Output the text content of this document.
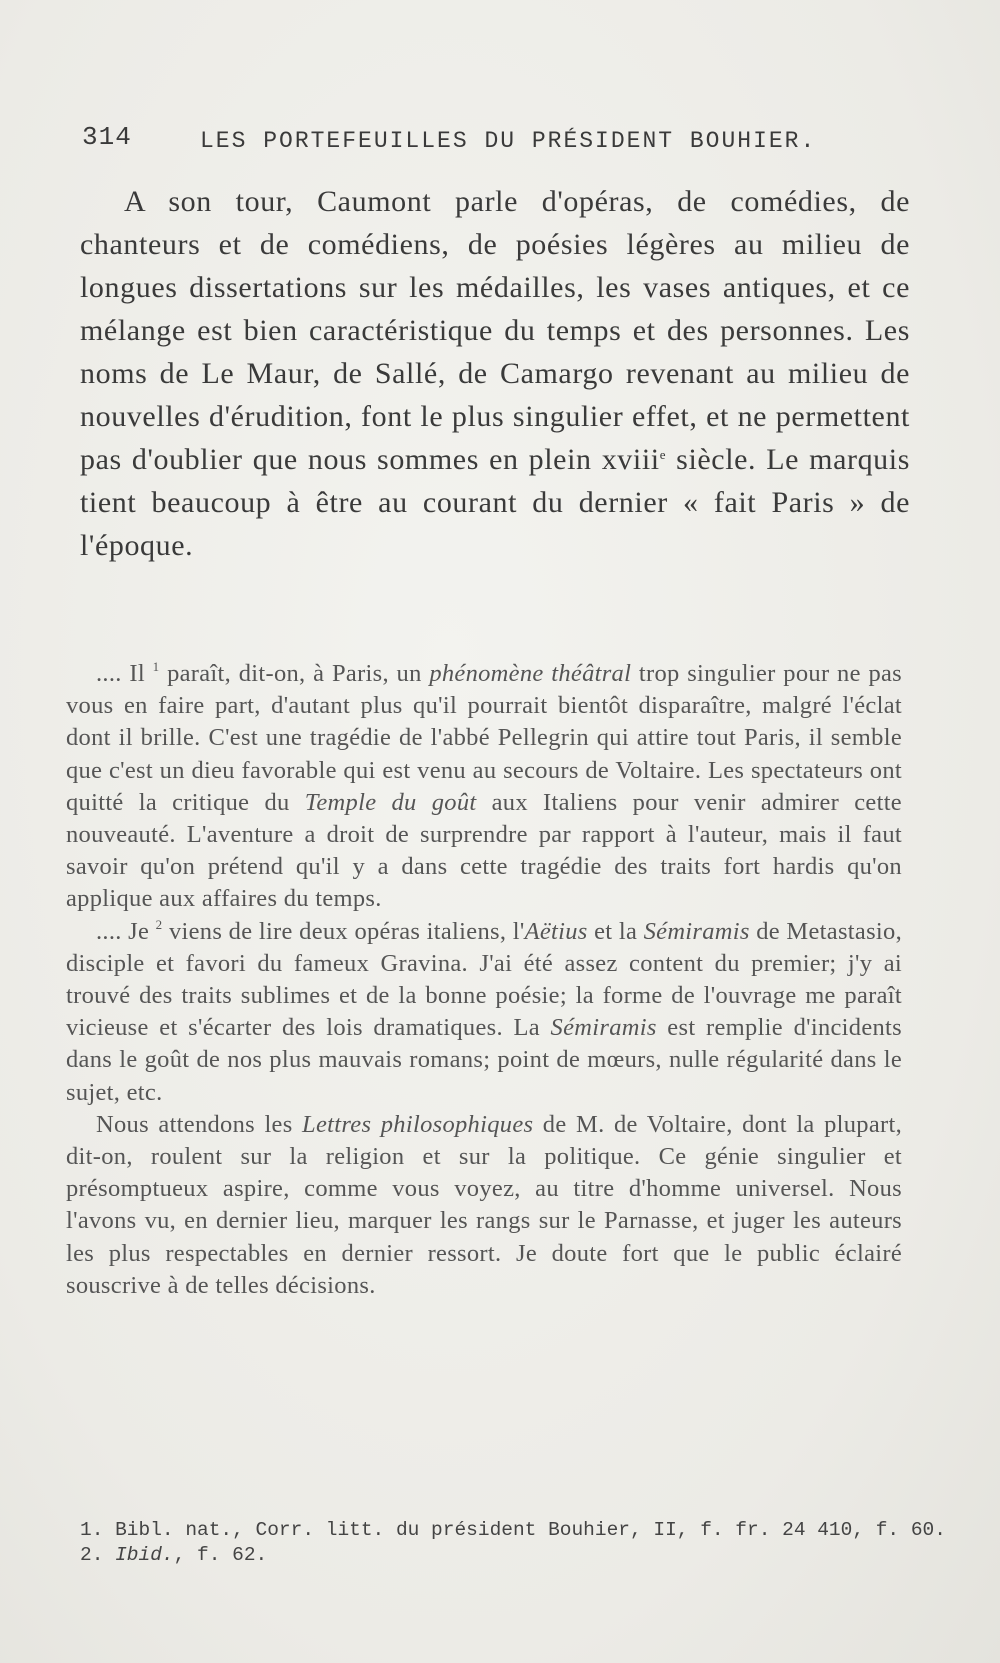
314	LES PORTEFEUILLES DU PRÉSIDENT BOUHIER.

A son tour, Caumont parle d'opéras, de comédies, de chanteurs et de comédiens, de poésies légères au milieu de longues dissertations sur les médailles, les vases antiques, et ce mélange est bien caractéristique du temps et des personnes. Les noms de Le Maur, de Sallé, de Camargo revenant au milieu de nouvelles d'érudition, font le plus singulier effet, et ne permettent pas d'oublier que nous sommes en plein xviii$^e$ siècle. Le marquis tient beaucoup à être au courant du dernier « fait Paris » de l'époque.

.... Il $^1$ paraît, dit-on, à Paris, un phénomène théâtral trop singulier pour ne pas vous en faire part, d'autant plus qu'il pourrait bientôt disparaître, malgré l'éclat dont il brille. C'est une tragédie de l'abbé Pellegrin qui attire tout Paris, il semble que c'est un dieu favorable qui est venu au secours de Voltaire. Les spectateurs ont quitté la critique du Temple du goût aux Italiens pour venir admirer cette nouveauté. L'aventure a droit de surprendre par rapport à l'auteur, mais il faut savoir qu'on prétend qu'il y a dans cette tragédie des traits fort hardis qu'on applique aux affaires du temps.

.... Je $^2$ viens de lire deux opéras italiens, l'Aëtius et la Sémiramis de Metastasio, disciple et favori du fameux Gravina. J'ai été assez content du premier; j'y ai trouvé des traits sublimes et de la bonne poésie; la forme de l'ouvrage me paraît vicieuse et s'écarter des lois dramatiques. La Sémiramis est remplie d'incidents dans le goût de nos plus mauvais romans; point de mœurs, nulle régularité dans le sujet, etc.

Nous attendons les Lettres philosophiques de M. de Voltaire, dont la plupart, dit-on, roulent sur la religion et sur la politique. Ce génie singulier et présomptueux aspire, comme vous voyez, au titre d'homme universel. Nous l'avons vu, en dernier lieu, marquer les rangs sur le Parnasse, et juger les auteurs les plus respectables en dernier ressort. Je doute fort que le public éclairé souscrive à de telles décisions.

1. Bibl. nat., Corr. litt. du président Bouhier, II, f. fr. 24 410, f. 60.
2. Ibid., f. 62.
